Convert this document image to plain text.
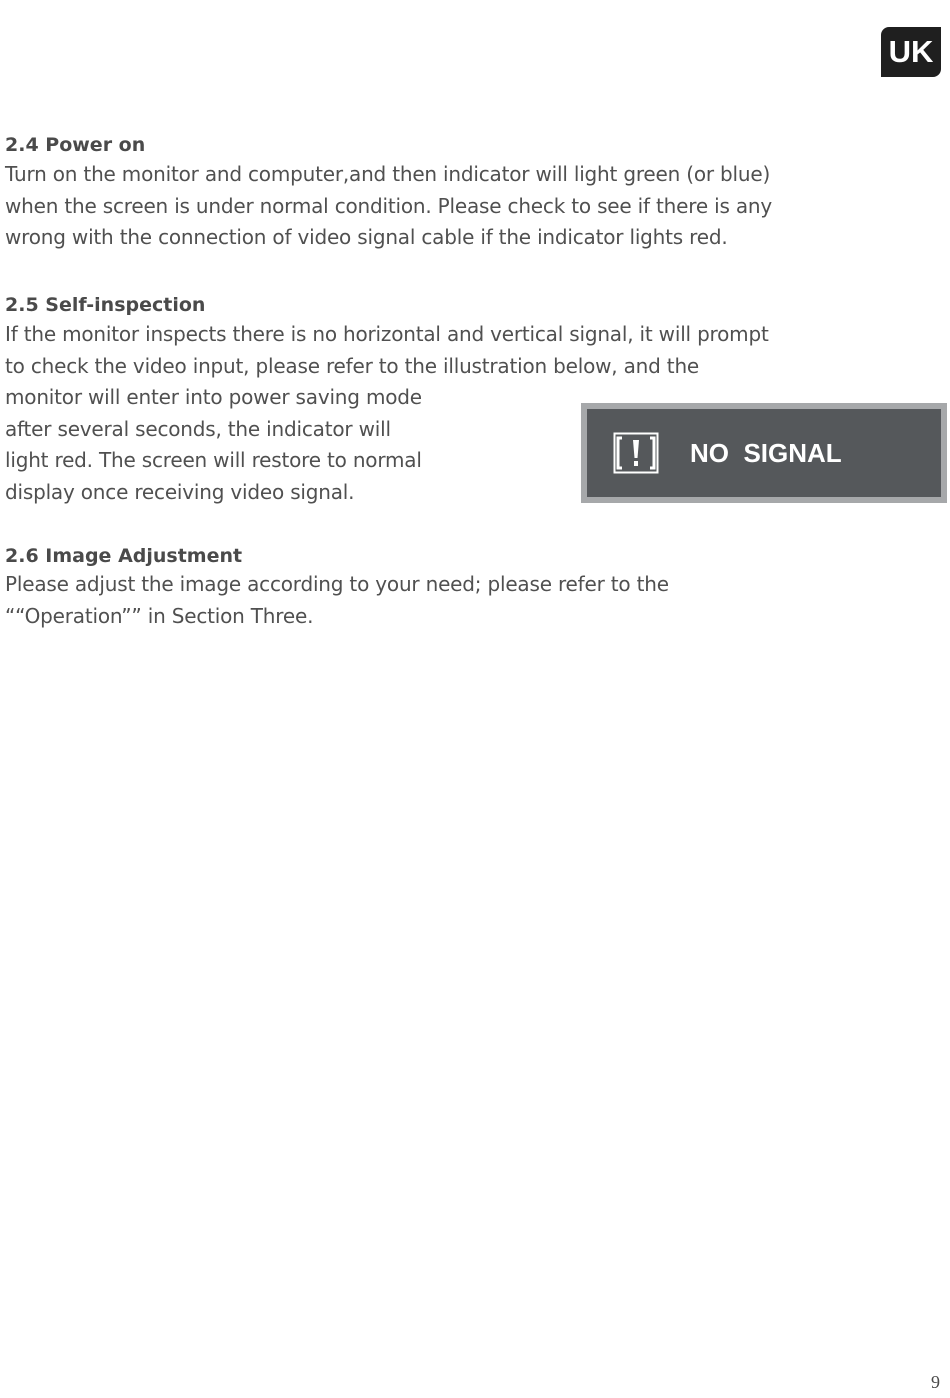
UK
2.4 Power on
Turn on the monitor and computer,and then indicator will light green (or blue)
when the screen is under normal condition. Please check to see if there is any
wrong with the connection of video signal cable if the indicator lights red.
2.5 Self-inspection
If the monitor inspects there is no horizontal and vertical signal, it will prompt
to check the video input, please refer to the illustration below, and the
monitor will enter into power saving mode
after several seconds, the indicator will
light red. The screen will restore to normal
display once receiving video signal.
NO  SIGNAL
2.6 Image Adjustment
Please adjust the image according to your need; please refer to the
““Operation”” in Section Three.
9
